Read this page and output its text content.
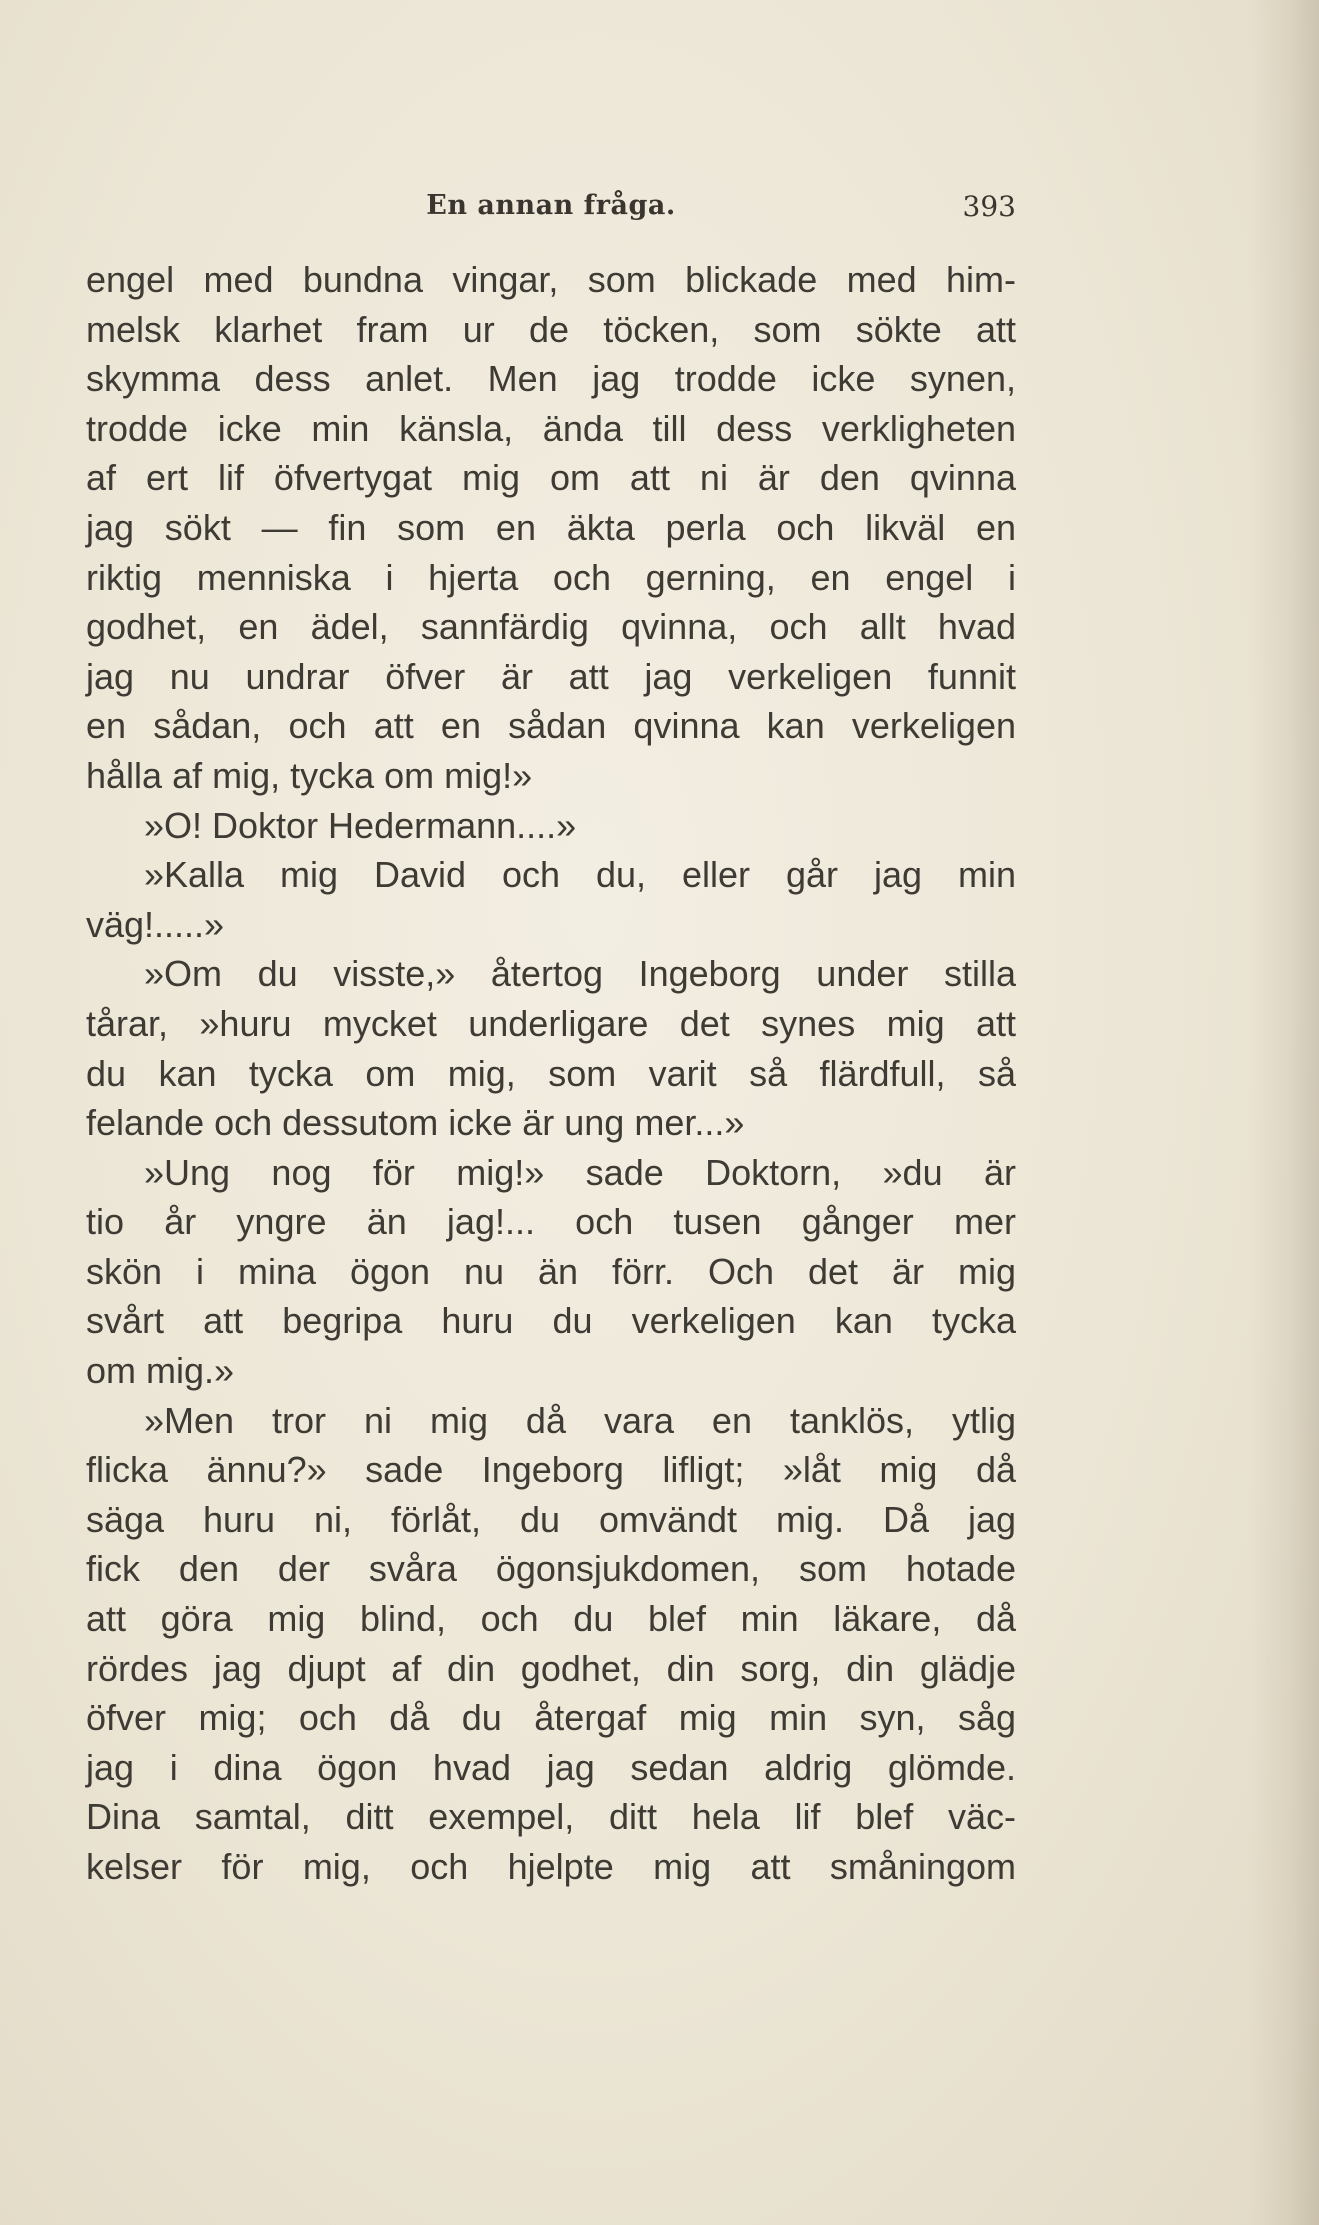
En annan fråga.	393
engel med bundna vingar, som blickade med him-
melsk klarhet fram ur de töcken, som sökte att
skymma dess anlet. Men jag trodde icke synen,
trodde icke min känsla, ända till dess verkligheten
af ert lif öfvertygat mig om att ni är den qvinna
jag sökt — fin som en äkta perla och likväl en
riktig menniska i hjerta och gerning, en engel i
godhet, en ädel, sannfärdig qvinna, och allt hvad
jag nu undrar öfver är att jag verkeligen funnit
en sådan, och att en sådan qvinna kan verkeligen
hålla af mig, tycka om mig!»
»O! Doktor Hedermann....»
»Kalla mig David och du, eller går jag min
väg!.....»
»Om du visste,» återtog Ingeborg under stilla
tårar, »huru mycket underligare det synes mig att
du kan tycka om mig, som varit så flärdfull, så
felande och dessutom icke är ung mer...»
»Ung nog för mig!» sade Doktorn, »du är
tio år yngre än jag!... och tusen gånger mer
skön i mina ögon nu än förr. Och det är mig
svårt att begripa huru du verkeligen kan tycka
om mig.»
»Men tror ni mig då vara en tanklös, ytlig
flicka ännu?» sade Ingeborg lifligt; »låt mig då
säga huru ni, förlåt, du omvändt mig. Då jag
fick den der svåra ögonsjukdomen, som hotade
att göra mig blind, och du blef min läkare, då
rördes jag djupt af din godhet, din sorg, din glädje
öfver mig; och då du återgaf mig min syn, såg
jag i dina ögon hvad jag sedan aldrig glömde.
Dina samtal, ditt exempel, ditt hela lif blef väc-
kelser för mig, och hjelpte mig att småningom
